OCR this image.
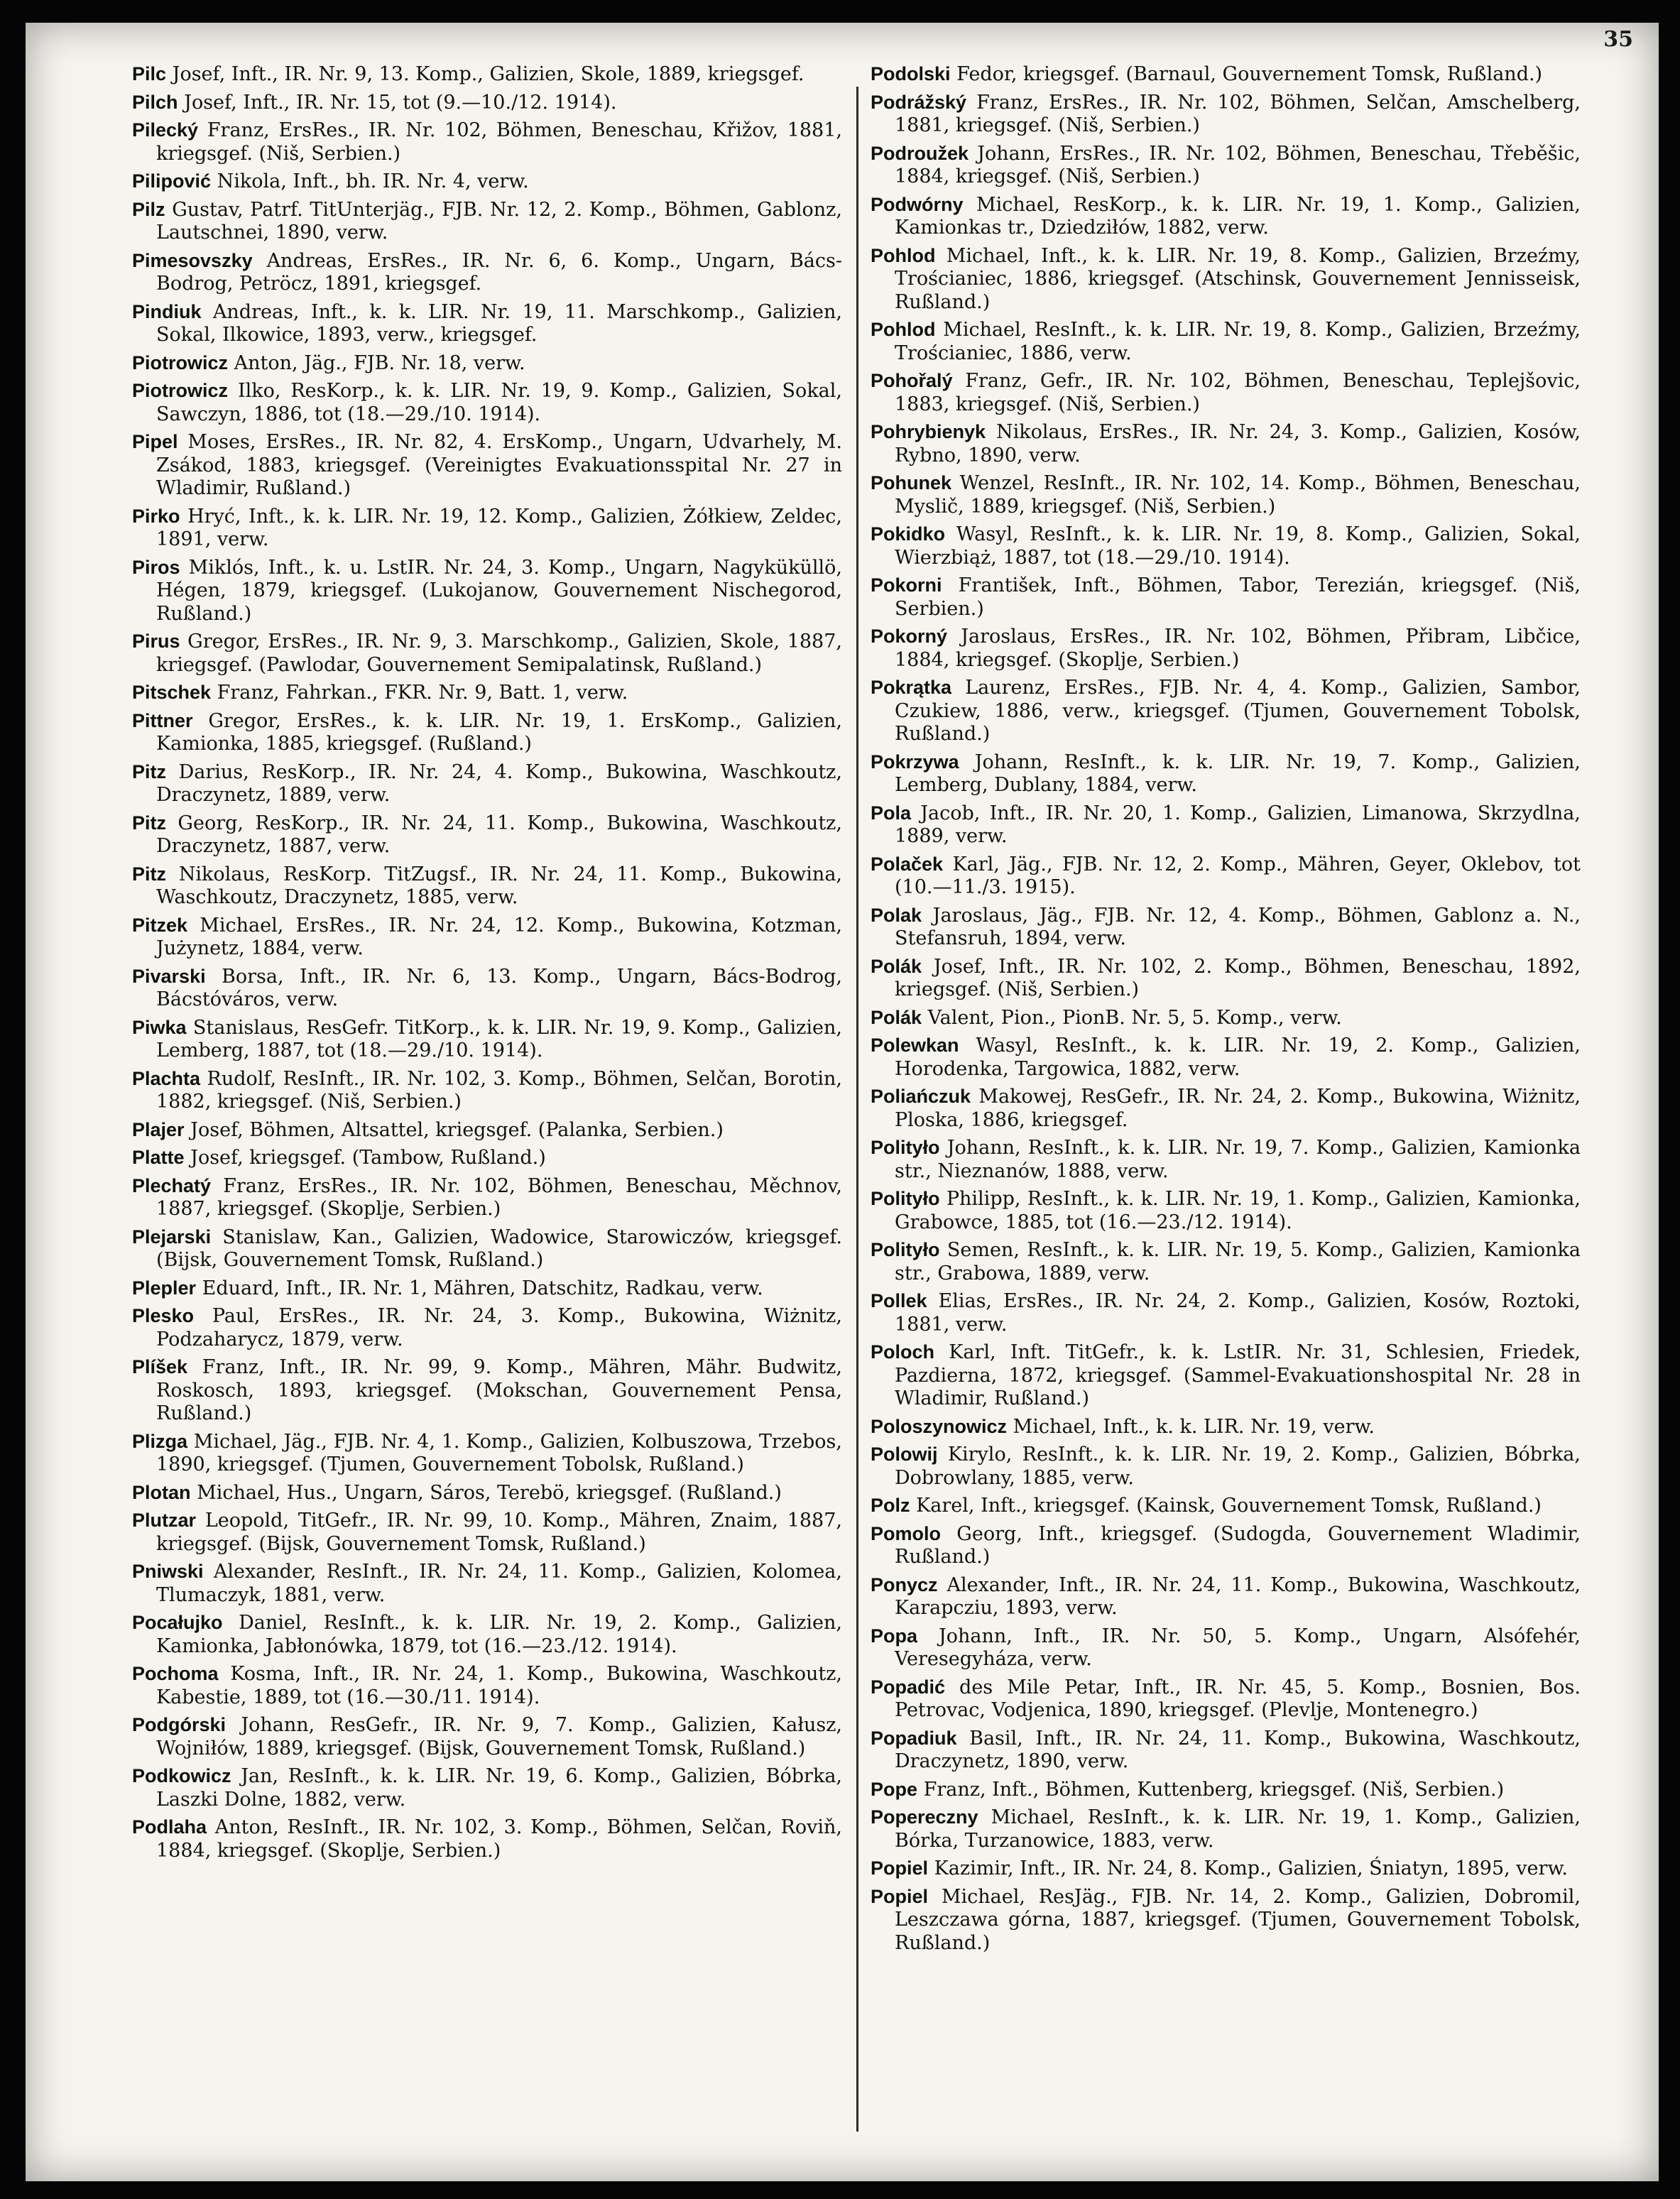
35

Pilc Josef, Inft., IR. Nr. 9, 13. Komp., Galizien, Skole, 1889, kriegsgef.

Pilch Josef, Inft., IR. Nr. 15, tot (9.—10./12. 1914).

Pilecký Franz, ErsRes., IR. Nr. 102, Böhmen, Beneschau, Křižov, 1881, kriegsgef. (Niš, Serbien.)

Pilipović Nikola, Inft., bh. IR. Nr. 4, verw.

Pilz Gustav, Patrf. TitUnterjäg., FJB. Nr. 12, 2. Komp., Böhmen, Gablonz, Lautschnei, 1890, verw.

Pimesovszky Andreas, ErsRes., IR. Nr. 6, 6. Komp., Ungarn, Bács-Bodrog, Petröcz, 1891, kriegsgef.

Pindiuk Andreas, Inft., k. k. LIR. Nr. 19, 11. Marschkomp., Galizien, Sokal, Ilkowice, 1893, verw., kriegsgef.

Piotrowicz Anton, Jäg., FJB. Nr. 18, verw.

Piotrowicz Ilko, ResKorp., k. k. LIR. Nr. 19, 9. Komp., Galizien, Sokal, Sawczyn, 1886, tot (18.—29./10. 1914).

Pipel Moses, ErsRes., IR. Nr. 82, 4. ErsKomp., Ungarn, Udvarhely, M. Zsákod, 1883, kriegsgef. (Vereinigtes Evakuationsspital Nr. 27 in Wladimir, Rußland.)

Pirko Hryć, Inft., k. k. LIR. Nr. 19, 12. Komp., Galizien, Żółkiew, Zeldec, 1891, verw.

Piros Miklós, Inft., k. u. LstIR. Nr. 24, 3. Komp., Ungarn, Nagyküküllö, Hégen, 1879, kriegsgef. (Lukojanow, Gouvernement Nischegorod, Rußland.)

Pirus Gregor, ErsRes., IR. Nr. 9, 3. Marschkomp., Galizien, Skole, 1887, kriegsgef. (Pawlodar, Gouvernement Semipalatinsk, Rußland.)

Pitschek Franz, Fahrkan., FKR. Nr. 9, Batt. 1, verw.

Pittner Gregor, ErsRes., k. k. LIR. Nr. 19, 1. ErsKomp., Galizien, Kamionka, 1885, kriegsgef. (Rußland.)

Pitz Darius, ResKorp., IR. Nr. 24, 4. Komp., Bukowina, Waschkoutz, Draczynetz, 1889, verw.

Pitz Georg, ResKorp., IR. Nr. 24, 11. Komp., Bukowina, Waschkoutz, Draczynetz, 1887, verw.

Pitz Nikolaus, ResKorp. TitZugsf., IR. Nr. 24, 11. Komp., Bukowina, Waschkoutz, Draczynetz, 1885, verw.

Pitzek Michael, ErsRes., IR. Nr. 24, 12. Komp., Bukowina, Kotzman, Jużynetz, 1884, verw.

Pivarski Borsa, Inft., IR. Nr. 6, 13. Komp., Ungarn, Bács-Bodrog, Bácstóváros, verw.

Piwka Stanislaus, ResGefr. TitKorp., k. k. LIR. Nr. 19, 9. Komp., Galizien, Lemberg, 1887, tot (18.—29./10. 1914).

Plachta Rudolf, ResInft., IR. Nr. 102, 3. Komp., Böhmen, Selčan, Borotin, 1882, kriegsgef. (Niš, Serbien.)

Plajer Josef, Böhmen, Altsattel, kriegsgef. (Palanka, Serbien.)

Platte Josef, kriegsgef. (Tambow, Rußland.)

Plechatý Franz, ErsRes., IR. Nr. 102, Böhmen, Beneschau, Měchnov, 1887, kriegsgef. (Skoplje, Serbien.)

Plejarski Stanislaw, Kan., Galizien, Wadowice, Starowiczów, kriegsgef. (Bijsk, Gouvernement Tomsk, Rußland.)

Plepler Eduard, Inft., IR. Nr. 1, Mähren, Datschitz, Radkau, verw.

Plesko Paul, ErsRes., IR. Nr. 24, 3. Komp., Bukowina, Wiżnitz, Podzaharycz, 1879, verw.

Plíšek Franz, Inft., IR. Nr. 99, 9. Komp., Mähren, Mähr. Budwitz, Roskosch, 1893, kriegsgef. (Mokschan, Gouvernement Pensa, Rußland.)

Plizga Michael, Jäg., FJB. Nr. 4, 1. Komp., Galizien, Kolbuszowa, Trzebos, 1890, kriegsgef. (Tjumen, Gouvernement Tobolsk, Rußland.)

Plotan Michael, Hus., Ungarn, Sáros, Terebö, kriegsgef. (Rußland.)

Plutzar Leopold, TitGefr., IR. Nr. 99, 10. Komp., Mähren, Znaim, 1887, kriegsgef. (Bijsk, Gouvernement Tomsk, Rußland.)

Pniwski Alexander, ResInft., IR. Nr. 24, 11. Komp., Galizien, Kolomea, Tlumaczyk, 1881, verw.

Pocałujko Daniel, ResInft., k. k. LIR. Nr. 19, 2. Komp., Galizien, Kamionka, Jabłonówka, 1879, tot (16.—23./12. 1914).

Pochoma Kosma, Inft., IR. Nr. 24, 1. Komp., Bukowina, Waschkoutz, Kabestie, 1889, tot (16.—30./11. 1914).

Podgórski Johann, ResGefr., IR. Nr. 9, 7. Komp., Galizien, Kałusz, Wojniłów, 1889, kriegsgef. (Bijsk, Gouvernement Tomsk, Rußland.)

Podkowicz Jan, ResInft., k. k. LIR. Nr. 19, 6. Komp., Galizien, Bóbrka, Laszki Dolne, 1882, verw.

Podlaha Anton, ResInft., IR. Nr. 102, 3. Komp., Böhmen, Selčan, Roviň, 1884, kriegsgef. (Skoplje, Serbien.)

Podolski Fedor, kriegsgef. (Barnaul, Gouvernement Tomsk, Rußland.)

Podrážský Franz, ErsRes., IR. Nr. 102, Böhmen, Selčan, Amschelberg, 1881, kriegsgef. (Niš, Serbien.)

Podroužek Johann, ErsRes., IR. Nr. 102, Böhmen, Beneschau, Třeběšic, 1884, kriegsgef. (Niš, Serbien.)

Podwórny Michael, ResKorp., k. k. LIR. Nr. 19, 1. Komp., Galizien, Kamionkas tr., Dziedziłów, 1882, verw.

Pohlod Michael, Inft., k. k. LIR. Nr. 19, 8. Komp., Galizien, Brzeźmy, Trościaniec, 1886, kriegsgef. (Atschinsk, Gouvernement Jennisseisk, Rußland.)

Pohlod Michael, ResInft., k. k. LIR. Nr. 19, 8. Komp., Galizien, Brzeźmy, Trościaniec, 1886, verw.

Pohořalý Franz, Gefr., IR. Nr. 102, Böhmen, Beneschau, Teplejšovic, 1883, kriegsgef. (Niš, Serbien.)

Pohrybienyk Nikolaus, ErsRes., IR. Nr. 24, 3. Komp., Galizien, Kosów, Rybno, 1890, verw.

Pohunek Wenzel, ResInft., IR. Nr. 102, 14. Komp., Böhmen, Beneschau, Myslič, 1889, kriegsgef. (Niš, Serbien.)

Pokidko Wasyl, ResInft., k. k. LIR. Nr. 19, 8. Komp., Galizien, Sokal, Wierzbiąż, 1887, tot (18.—29./10. 1914).

Pokorni František, Inft., Böhmen, Tabor, Terezián, kriegsgef. (Niš, Serbien.)

Pokorný Jaroslaus, ErsRes., IR. Nr. 102, Böhmen, Přibram, Libčice, 1884, kriegsgef. (Skoplje, Serbien.)

Pokrątka Laurenz, ErsRes., FJB. Nr. 4, 4. Komp., Galizien, Sambor, Czukiew, 1886, verw., kriegsgef. (Tjumen, Gouvernement Tobolsk, Rußland.)

Pokrzywa Johann, ResInft., k. k. LIR. Nr. 19, 7. Komp., Galizien, Lemberg, Dublany, 1884, verw.

Pola Jacob, Inft., IR. Nr. 20, 1. Komp., Galizien, Limanowa, Skrzydlna, 1889, verw.

Polaček Karl, Jäg., FJB. Nr. 12, 2. Komp., Mähren, Geyer, Oklebov, tot (10.—11./3. 1915).

Polak Jaroslaus, Jäg., FJB. Nr. 12, 4. Komp., Böhmen, Gablonz a. N., Stefansruh, 1894, verw.

Polák Josef, Inft., IR. Nr. 102, 2. Komp., Böhmen, Beneschau, 1892, kriegsgef. (Niš, Serbien.)

Polák Valent, Pion., PionB. Nr. 5, 5. Komp., verw.

Polewkan Wasyl, ResInft., k. k. LIR. Nr. 19, 2. Komp., Galizien, Horodenka, Targowica, 1882, verw.

Poliańczuk Makowej, ResGefr., IR. Nr. 24, 2. Komp., Bukowina, Wiżnitz, Ploska, 1886, kriegsgef.

Polityło Johann, ResInft., k. k. LIR. Nr. 19, 7. Komp., Galizien, Kamionka str., Nieznanów, 1888, verw.

Polityło Philipp, ResInft., k. k. LIR. Nr. 19, 1. Komp., Galizien, Kamionka, Grabowce, 1885, tot (16.—23./12. 1914).

Polityło Semen, ResInft., k. k. LIR. Nr. 19, 5. Komp., Galizien, Kamionka str., Grabowa, 1889, verw.

Pollek Elias, ErsRes., IR. Nr. 24, 2. Komp., Galizien, Kosów, Roztoki, 1881, verw.

Poloch Karl, Inft. TitGefr., k. k. LstIR. Nr. 31, Schlesien, Friedek, Pazdierna, 1872, kriegsgef. (Sammel-Evakuationshospital Nr. 28 in Wladimir, Rußland.)

Poloszynowicz Michael, Inft., k. k. LIR. Nr. 19, verw.

Polowij Kirylo, ResInft., k. k. LIR. Nr. 19, 2. Komp., Galizien, Bóbrka, Dobrowlany, 1885, verw.

Polz Karel, Inft., kriegsgef. (Kainsk, Gouvernement Tomsk, Rußland.)

Pomolo Georg, Inft., kriegsgef. (Sudogda, Gouvernement Wladimir, Rußland.)

Ponycz Alexander, Inft., IR. Nr. 24, 11. Komp., Bukowina, Waschkoutz, Karapcziu, 1893, verw.

Popa Johann, Inft., IR. Nr. 50, 5. Komp., Ungarn, Alsófehér, Veresegyháza, verw.

Popadić des Mile Petar, Inft., IR. Nr. 45, 5. Komp., Bosnien, Bos. Petrovac, Vodjenica, 1890, kriegsgef. (Plevlje, Montenegro.)

Popadiuk Basil, Inft., IR. Nr. 24, 11. Komp., Bukowina, Waschkoutz, Draczynetz, 1890, verw.

Pope Franz, Inft., Böhmen, Kuttenberg, kriegsgef. (Niš, Serbien.)

Popereczny Michael, ResInft., k. k. LIR. Nr. 19, 1. Komp., Galizien, Bórka, Turzanowice, 1883, verw.

Popiel Kazimir, Inft., IR. Nr. 24, 8. Komp., Galizien, Śniatyn, 1895, verw.

Popiel Michael, ResJäg., FJB. Nr. 14, 2. Komp., Galizien, Dobromil, Leszczawa górna, 1887, kriegsgef. (Tjumen, Gouvernement Tobolsk, Rußland.)
